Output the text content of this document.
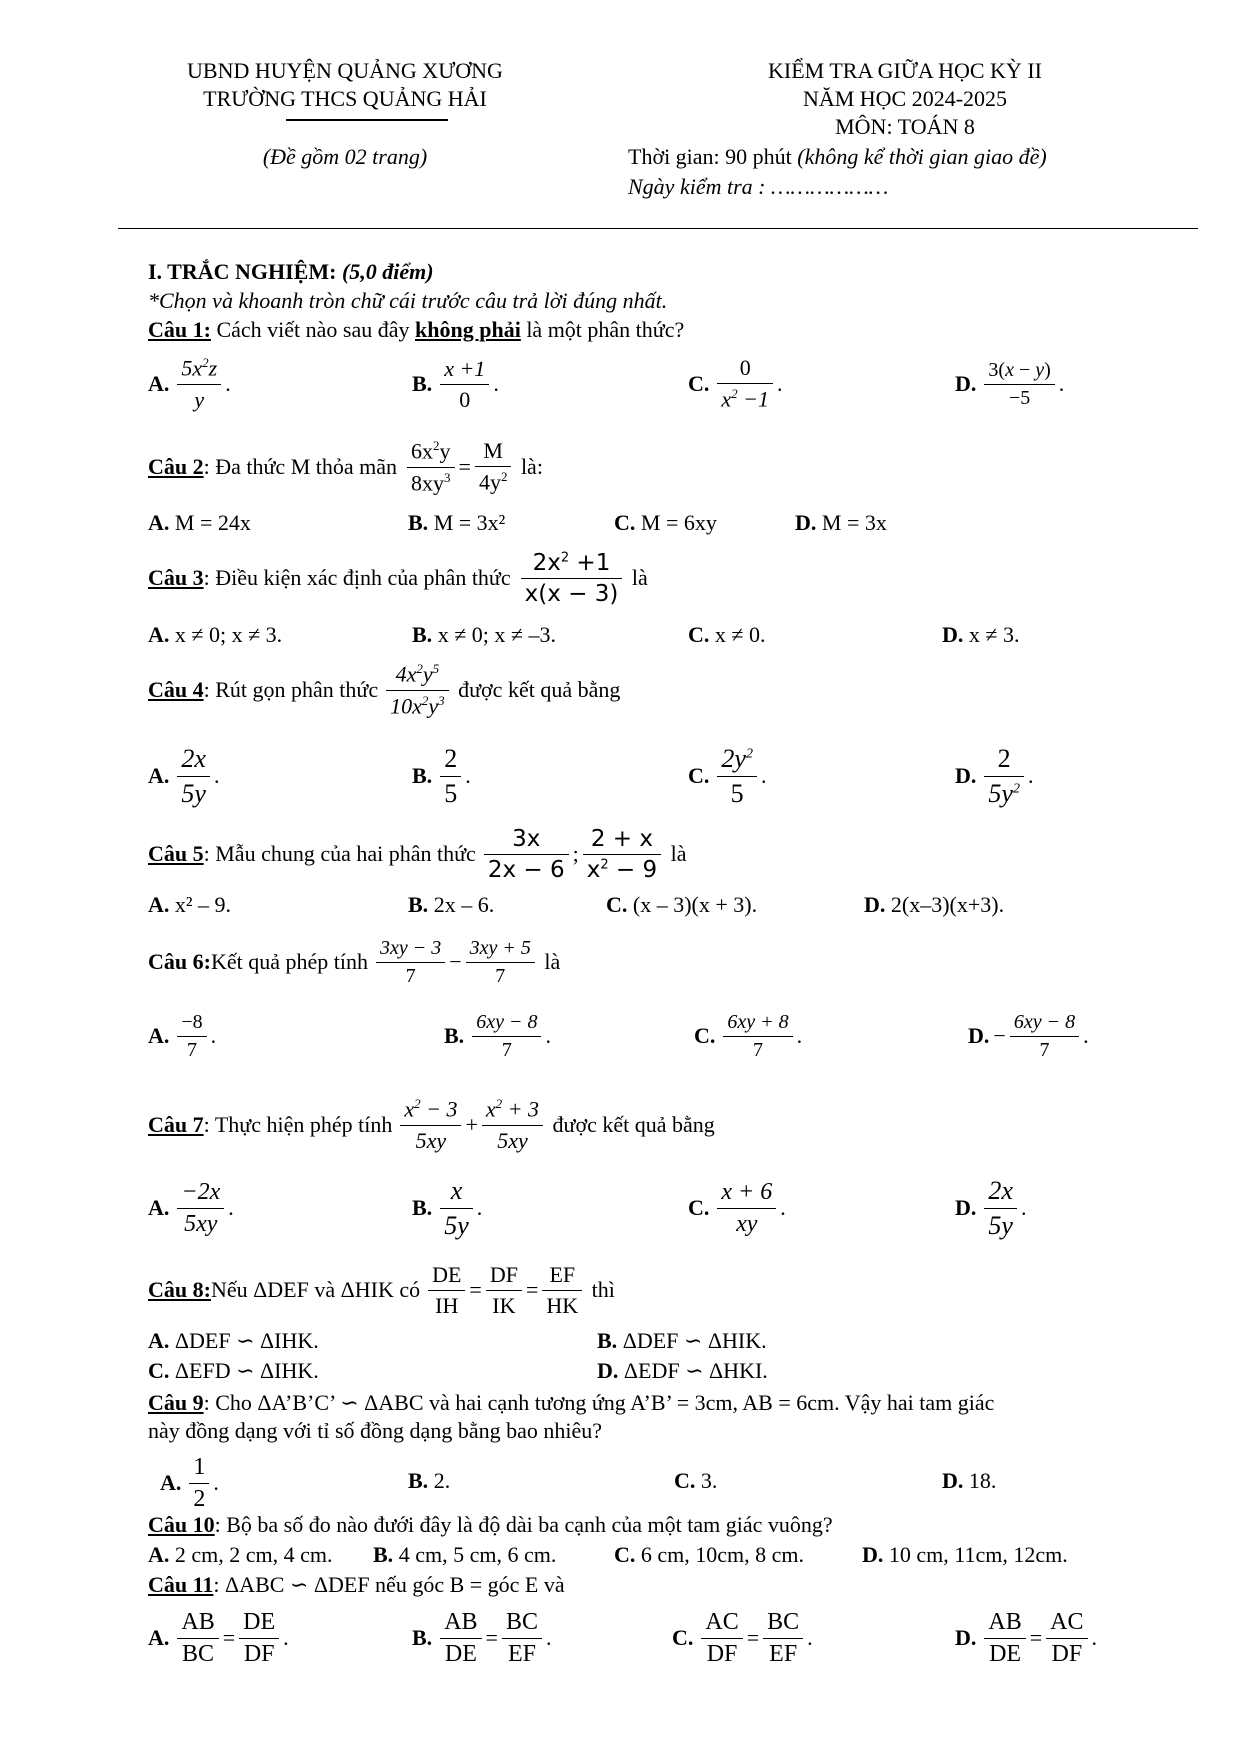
UBND HUYỆN QUẢNG XƯƠNG
TRƯỜNG THCS QUẢNG HẢI
(Đề gồm 02 trang)
KIỂM TRA GIỮA HỌC KỲ II
NĂM HỌC 2024-2025
MÔN: TOÁN 8
Thời gian: 90 phút (không kể thời gian giao đề)
Ngày kiểm tra : ………………
I. TRẮC NGHIỆM: (5,0 điểm)
*Chọn và khoanh tròn chữ cái trước câu trả lời đúng nhất.
Câu 1: Cách viết nào sau đây không phải là một phân thức?
A. $\frac{5x^2z}{y}$ .	B. $\frac{x +1}{0}$ .	C. $\frac{0}{x^2 -1}$ .	D. $\frac{3(x - y)}{-5}$ .
Câu 2 : Đa thức M thỏa mãn $\frac{6x^2y}{8xy^3} = \frac{M}{4y^2}$
là:
A. M = 24x	B. M = 3x²	C. M = 6xy	D. M = 3x
Câu 3 : Điều kiện xác định của phân thức $\frac{2x^2 +1}{x(x - 3)}$
là
A. x ≠ 0; x ≠ 3.	B. x ≠ 0; x ≠ –3.	C. x ≠ 0.	D. x ≠ 3.
Câu 4 : Rút gọn phân thức $\frac{4x^2y^5}{10x^2y^3}$
được kết quả bằng
A. $\frac{2x}{5y}$ .	B. $\frac{2}{5}$ .	C. $\frac{2y^2}{5}$ .	D. $\frac{2}{5y^2}$ .
Câu 5 : Mẫu chung của hai phân thức $\frac{3x}{2x - 6}$ ; $\frac{2 + x}{x^2 - 9}$
là
A. x² – 9.	B. 2x – 6.	C. (x – 3)(x + 3).	D. 2(x–3)(x+3).
Câu 6: Kết quả phép tính $\frac{3xy - 3}{7} - \frac{3xy + 5}{7}$
là
A. $\frac{-8}{7}$ .	B. $\frac{6xy - 8}{7}$ .	C. $\frac{6xy + 8}{7}$ .	D. − $\frac{6xy - 8}{7}$ .
Câu 7 : Thực hiện phép tính $\frac{x^2 - 3}{5xy} + \frac{x^2 + 3}{5xy}$
được kết quả bằng
A. $\frac{-2x}{5xy}$ .	B. $\frac{x}{5y}$ .	C. $\frac{x + 6}{xy}$ .	D. $\frac{2x}{5y}$ .
Câu 8: Nếu ΔDEF và ΔHIK có $\frac{DE}{IH} = \frac{DF}{IK} = \frac{EF}{HK}$
thì
A. ΔDEF ∽ ΔIHK.	B. ΔDEF ∽ ΔHIK.
C. ΔEFD ∽ ΔIHK.	D. ΔEDF ∽ ΔHKI.
Câu 9: Cho ΔA’B’C’ ∽ ΔABC và hai cạnh tương ứng A’B’ = 3cm, AB = 6cm. Vậy hai tam giác
này đồng dạng với tỉ số đồng dạng bằng bao nhiêu?
A. $\frac{1}{2}$ .	B. 2.	C. 3.	D. 18.
Câu 10: Bộ ba số đo nào đưới đây là độ dài ba cạnh của một tam giác vuông?
A. 2 cm, 2 cm, 4 cm. B. 4 cm, 5 cm, 6 cm.	C. 6 cm, 10cm, 8 cm.	D. 10 cm, 11cm, 12cm.
Câu 11: ΔABC ∽ ΔDEF nếu góc B = góc E và
A. $\frac{AB}{BC} = \frac{DE}{DF}$ .	B. $\frac{AB}{DE} = \frac{BC}{EF}$ .	C. $\frac{AC}{DF} = \frac{BC}{EF}$ .	D. $\frac{AB}{DE} = \frac{AC}{DF}$ .
